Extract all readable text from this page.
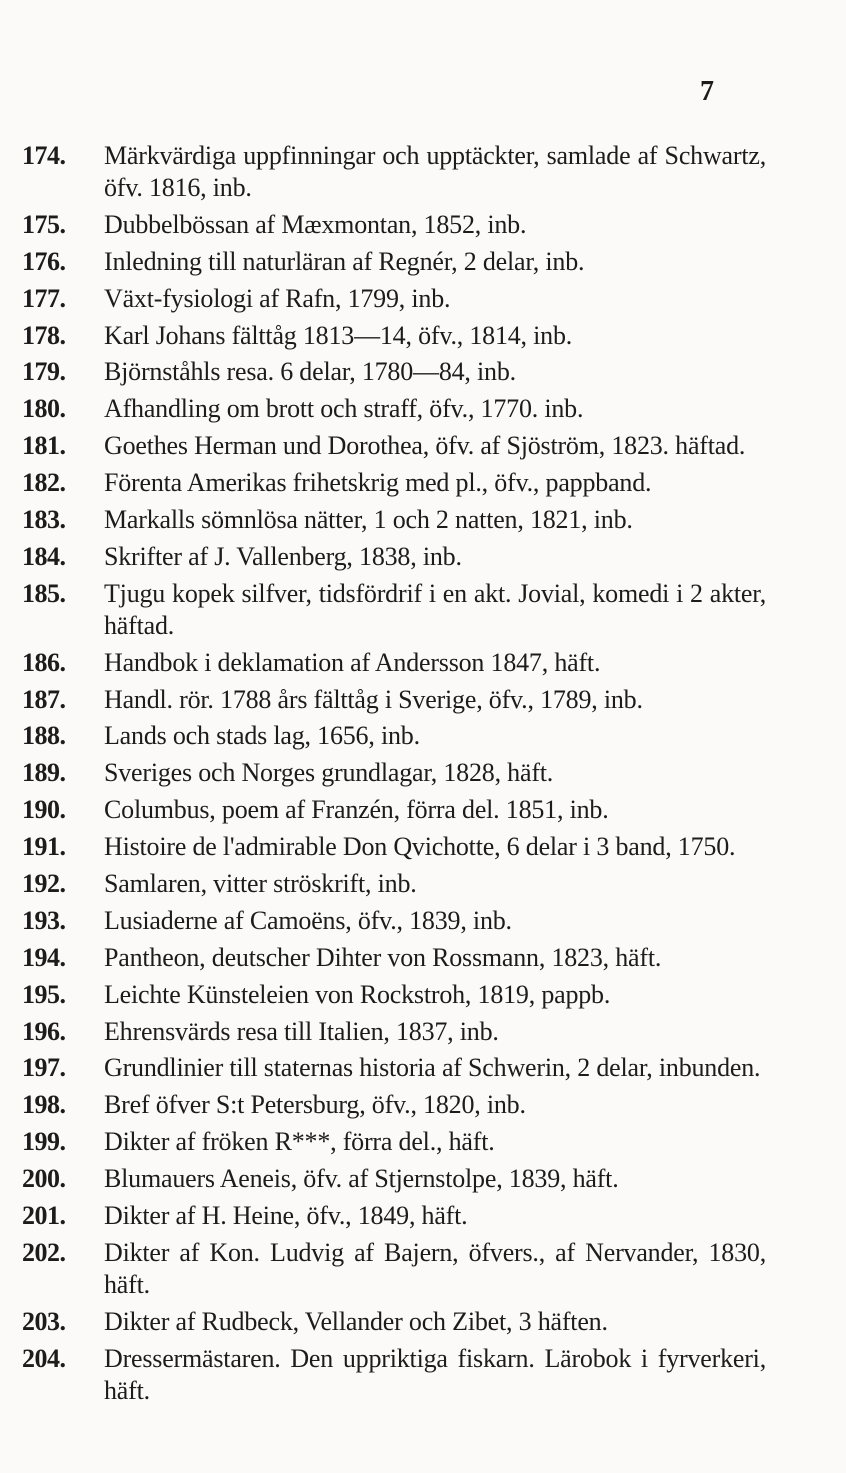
7
174.	Märkvärdiga uppfinningar och upptäckter, samlade af Schwartz, öfv. 1816, inb.
175.	Dubbelbössan af Mæxmontan, 1852, inb.
176.	Inledning till naturläran af Regnér, 2 delar, inb.
177.	Växt-fysiologi af Rafn, 1799, inb.
178.	Karl Johans fälttåg 1813—14, öfv., 1814, inb.
179.	Björnståhls resa. 6 delar, 1780—84, inb.
180.	Afhandling om brott och straff, öfv., 1770. inb.
181.	Goethes Herman und Dorothea, öfv. af Sjöström, 1823. häftad.
182.	Förenta Amerikas frihetskrig med pl., öfv., pappband.
183.	Markalls sömnlösa nätter, 1 och 2 natten, 1821, inb.
184.	Skrifter af J. Vallenberg, 1838, inb.
185.	Tjugu kopek silfver, tidsfördrif i en akt. Jovial, komedi i 2 akter, häftad.
186.	Handbok i deklamation af Andersson 1847, häft.
187.	Handl. rör. 1788 års fälttåg i Sverige, öfv., 1789, inb.
188.	Lands och stads lag, 1656, inb.
189.	Sveriges och Norges grundlagar, 1828, häft.
190.	Columbus, poem af Franzén, förra del. 1851, inb.
191.	Histoire de l'admirable Don Qvichotte, 6 delar i 3 band, 1750.
192.	Samlaren, vitter ströskrift, inb.
193.	Lusiaderne af Camoëns, öfv., 1839, inb.
194.	Pantheon, deutscher Dihter von Rossmann, 1823, häft.
195.	Leichte Künsteleien von Rockstroh, 1819, pappb.
196.	Ehrensvärds resa till Italien, 1837, inb.
197.	Grundlinier till staternas historia af Schwerin, 2 delar, inbunden.
198.	Bref öfver S:t Petersburg, öfv., 1820, inb.
199.	Dikter af fröken R***, förra del., häft.
200.	Blumauers Aeneis, öfv. af Stjernstolpe, 1839, häft.
201.	Dikter af H. Heine, öfv., 1849, häft.
202.	Dikter af Kon. Ludvig af Bajern, öfvers., af Nervander, 1830, häft.
203.	Dikter af Rudbeck, Vellander och Zibet, 3 häften.
204.	Dressermästaren. Den uppriktiga fiskarn. Lärobok i fyrverkeri, häft.
